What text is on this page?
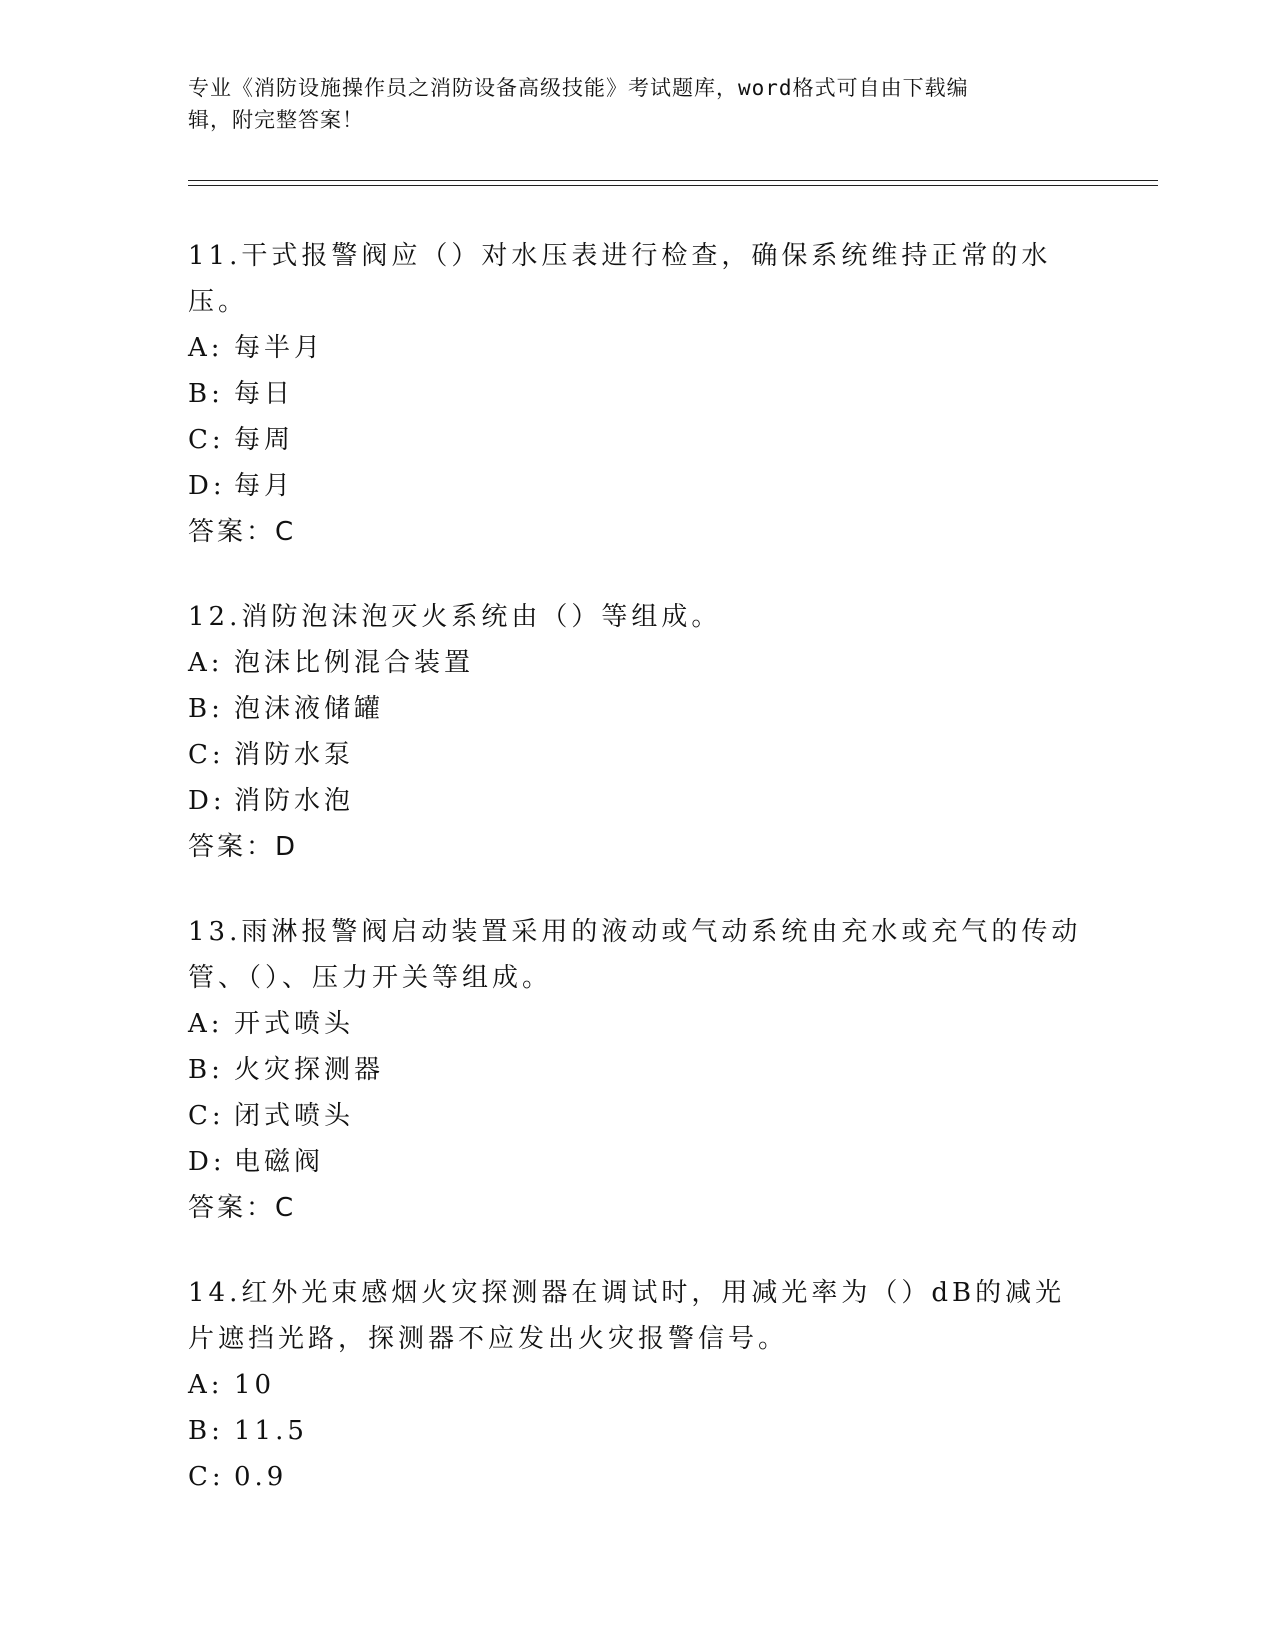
专业《消防设施操作员之消防设备高级技能》考试题库，word格式可自由下载编
辑，附完整答案！

11.干式报警阀应（）对水压表进行检查，确保系统维持正常的水压。

A: 每半月

B: 每日

C: 每周

D: 每月

答案：C

12.消防泡沫泡灭火系统由（）等组成。

A: 泡沫比例混合装置

B: 泡沫液储罐

C: 消防水泵

D: 消防水泡

答案：D

13.雨淋报警阀启动装置采用的液动或气动系统由充水或充气的传动管、（）、压力开关等组成。

A: 开式喷头

B: 火灾探测器

C: 闭式喷头

D: 电磁阀

答案：C

14.红外光束感烟火灾探测器在调试时，用减光率为（）dB的减光片遮挡光路，探测器不应发出火灾报警信号。

A: 10

B: 11.5

C: 0.9
